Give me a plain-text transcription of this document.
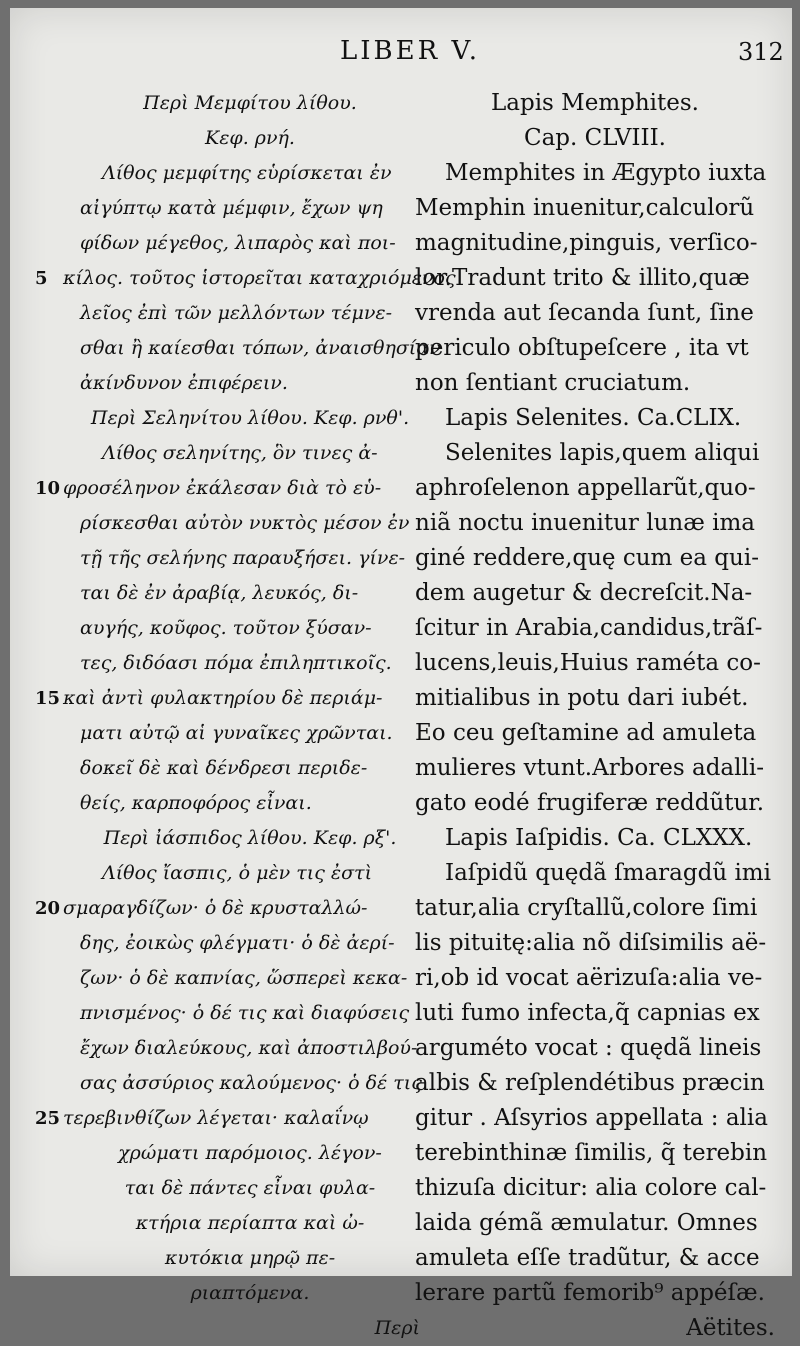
LIBER V.	312
Περὶ Μεμφίτου λίθου.
Κεφ. ρνή.
Λίθος μεμφίτης εὑρίσκεται ἐν
αἰγύπτῳ κατὰ μέμφιν, ἔχων ψη
φίδων μέγεθος, λιπαρὸς καὶ ποι-
5 κίλος. τοῦτος ἱστορεῖται καταχριόμενος
λεῖος ἐπὶ τῶν μελλόντων τέμνε-
σθαι ἢ καίεσθαι τόπων, ἀναισθησίαν
ἀκίνδυνον ἐπιφέρειν.
Περὶ Σεληνίτου λίθου. Κεφ. ρνθ'.
Λίθος σεληνίτης, ὃν τινες ἀ-
10 φροσέληνον ἐκάλεσαν διὰ τὸ εὑ-
ρίσκεσθαι αὐτὸν νυκτὸς μέσον ἐν
τῇ τῆς σελήνης παραυξήσει. γίνε-
ται δὲ ἐν ἀραβίᾳ, λευκός, δι-
αυγής, κοῦφος. τοῦτον ξύσαν-
τες, διδόασι πόμα ἐπιληπτικοῖς.
15 καὶ ἀντὶ φυλακτηρίου δὲ περιάμ-
ματι αὐτῷ αἱ γυναῖκες χρῶνται.
δοκεῖ δὲ καὶ δένδρεσι περιδε-
θείς, καρποφόρος εἶναι.
Περὶ ἰάσπιδος λίθου. Κεφ. ρξ'.
Λίθος ἴασπις, ὁ μὲν τις ἐστὶ
20 σμαραγδίζων· ὁ δὲ κρυσταλλώ-
δης, ἐοικὼς φλέγματι· ὁ δὲ ἀερί-
ζων· ὁ δὲ καπνίας, ὥσπερεὶ κεκα-
πνισμένος· ὁ δέ τις καὶ διαφύσεις
ἔχων διαλεύκους, καὶ ἀποστιλβού-
σας ἀσσύριος καλούμενος· ὁ δέ τις
25 τερεβινθίζων λέγεται· καλαΐνῳ
χρώματι παρόμοιος. λέγον-
ται δὲ πάντες εἶναι φυλα-
κτήρια περίαπτα καὶ ὠ-
κυτόκια μηρῷ πε-
ριαπτόμενα.
Περὶ
Lapis Memphites.
Cap. CLVIII.
Memphites in Ægypto iuxta
Memphin inuenitur,calculorũ
magnitudine,pinguis, verſico-
lor.Tradunt trito & illito,quæ
vrenda aut ſecanda ſunt, ſine
periculo obſtupeſcere , ita vt
non ſentiant cruciatum.
Lapis Selenites. Ca.CLIX.
Selenites lapis,quem aliqui
aphroſelenon appellarũt,quo-
niã noctu inuenitur lunæ ima
giné reddere,quę cum ea qui-
dem augetur & decreſcit.Na-
ſcitur in Arabia,candidus,trãſ-
lucens,leuis,Huius raméta co-
mitialibus in potu dari iubét.
Eo ceu geſtamine ad amuleta
mulieres vtunt.Arbores adalli-
gato eodé frugiferæ reddũtur.
Lapis Iaſpidis. Ca. CLXXX.
Iaſpidũ quędã ſmaragdũ imi
tatur,alia cryſtallũ,colore ſimi
lis pituitę:alia nõ diſsimilis aë-
ri,ob id vocat aërizuſa:alia ve-
luti fumo infecta,q̃ capnias ex
arguméto vocat : quędã lineis
albis & reſplendétibus præcin
gitur . Aſsyrios appellata : alia
terebinthinæ ſimilis, q̃ terebin
thizuſa dicitur: alia colore cal-
laida gémã æmulatur. Omnes
amuleta eſſe tradũtur, & acce
lerare partũ femorib⁹ appéſæ.
Aëtites.
